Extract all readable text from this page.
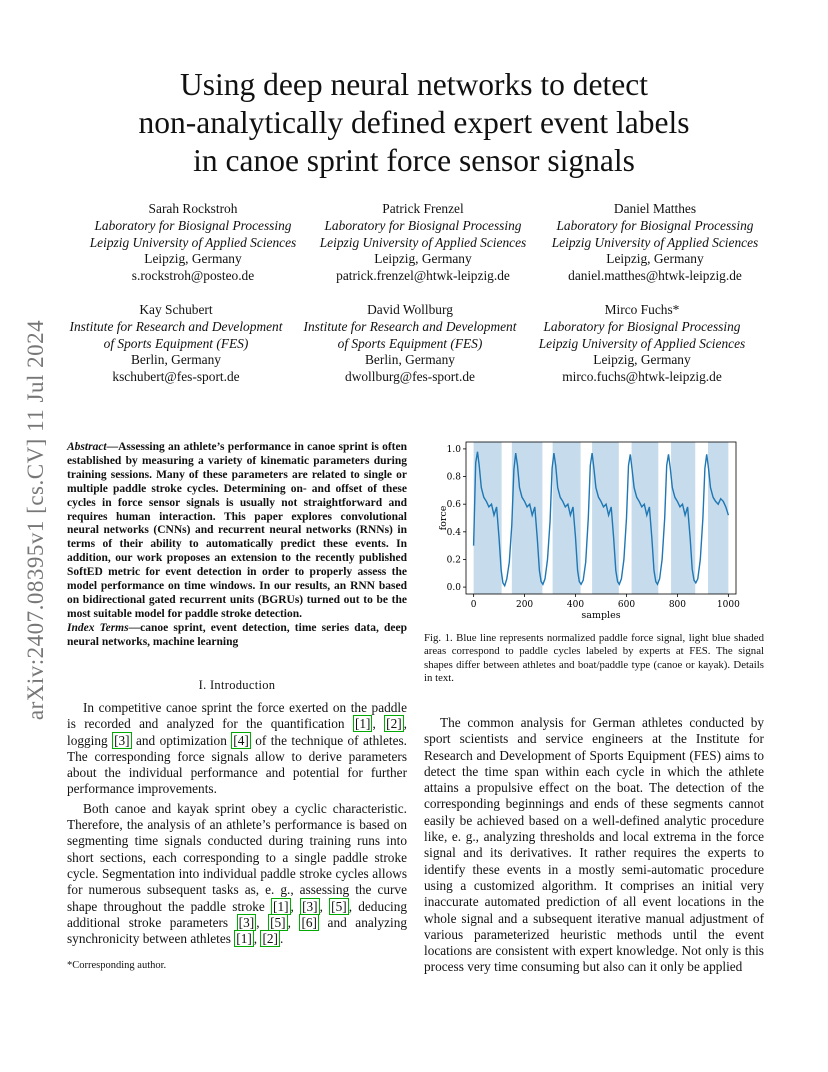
arXiv:2407.08395v1 [cs.CV] 11 Jul 2024
Using deep neural networks to detect
non-analytically defined expert event labels
in canoe sprint force sensor signals
Sarah Rockstroh
Laboratory for Biosignal Processing
Leipzig University of Applied Sciences
Leipzig, Germany
s.rockstroh@posteo.de
Patrick Frenzel
Laboratory for Biosignal Processing
Leipzig University of Applied Sciences
Leipzig, Germany
patrick.frenzel@htwk-leipzig.de
Daniel Matthes
Laboratory for Biosignal Processing
Leipzig University of Applied Sciences
Leipzig, Germany
daniel.matthes@htwk-leipzig.de
Kay Schubert
Institute for Research and Development
of Sports Equipment (FES)
Berlin, Germany
kschubert@fes-sport.de
David Wollburg
Institute for Research and Development
of Sports Equipment (FES)
Berlin, Germany
dwollburg@fes-sport.de
Mirco Fuchs*
Laboratory for Biosignal Processing
Leipzig University of Applied Sciences
Leipzig, Germany
mirco.fuchs@htwk-leipzig.de
Abstract—Assessing an athlete’s performance in canoe sprint is often established by measuring a variety of kinematic parameters during training sessions. Many of these parameters are related to single or multiple paddle stroke cycles. Determining on- and offset of these cycles in force sensor signals is usually not straightforward and requires human interaction. This paper explores convolutional neural networks (CNNs) and recurrent neural networks (RNNs) in terms of their ability to automatically predict these events. In addition, our work proposes an extension to the recently published SoftED metric for event detection in order to properly assess the model performance on time windows. In our results, an RNN based on bidirectional gated recurrent units (BGRUs) turned out to be the most suitable model for paddle stroke detection.
Index Terms—canoe sprint, event detection, time series data, deep neural networks, machine learning
I. Introduction

In competitive canoe sprint the force exerted on the paddle is recorded and analyzed for the quantification [1] , [2] , logging [3] and optimization [4] of the technique of athletes. The corresponding force signals allow to derive parameters about the individual performance and potential for further performance improvements.

Both canoe and kayak sprint obey a cyclic characteristic. Therefore, the analysis of an athlete’s performance is based on segmenting time signals conducted during training runs into short sections, each corresponding to a single paddle stroke cycle. Segmentation into individual paddle stroke cycles allows for numerous subsequent tasks as, e. g., assessing the curve shape throughout the paddle stroke [1] , [3] , [5] , deducing additional stroke parameters [3] , [5] , [6] and analyzing synchronicity between athletes [1] , [2] .

*Corresponding author.
0	200	400	600	800	1000
0.0
0.2
0.4
0.6
0.8
1.0
samples
force
Fig. 1. Blue line represents normalized paddle force signal, light blue shaded areas correspond to paddle cycles labeled by experts at FES. The signal shapes differ between athletes and boat/paddle type (canoe or kayak). Details in text.

The common analysis for German athletes conducted by sport scientists and service engineers at the Institute for Research and Development of Sports Equipment (FES) aims to detect the time span within each cycle in which the athlete attains a propulsive effect on the boat. The detection of the corresponding beginnings and ends of these segments cannot easily be achieved based on a well-defined analytic procedure like, e. g., analyzing thresholds and local extrema in the force signal and its derivatives. It rather requires the experts to identify these events in a mostly semi-automatic procedure using a customized algorithm. It comprises an initial very inaccurate automated prediction of all event locations in the whole signal and a subsequent iterative manual adjustment of various parameterized heuristic methods until the event locations are consistent with expert knowledge. Not only is this process very time consuming but also can it only be applied
